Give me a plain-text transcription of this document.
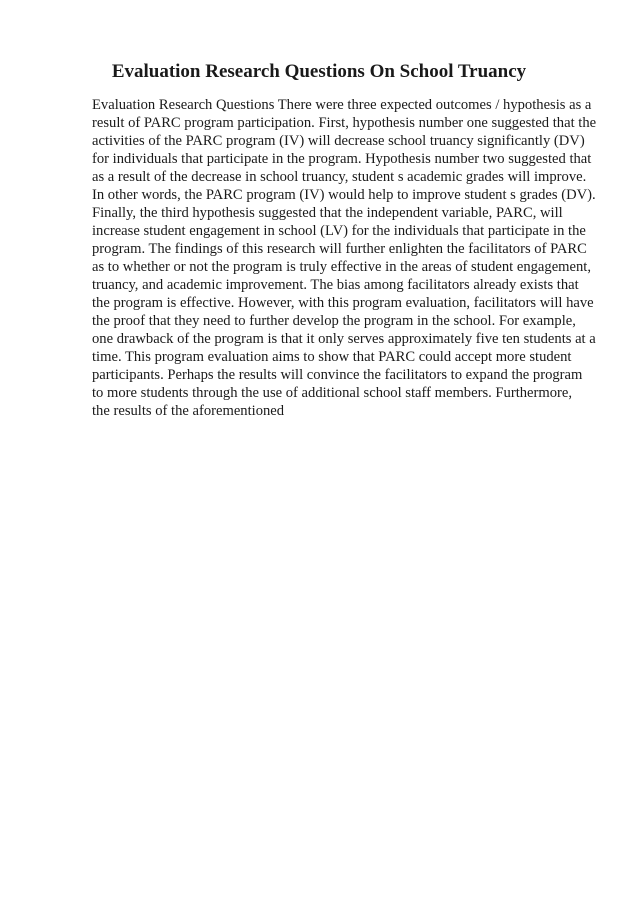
Evaluation Research Questions On School Truancy
Evaluation Research Questions There were three expected outcomes / hypothesis as a
result of PARC program participation. First, hypothesis number one suggested that the
activities of the PARC program (IV) will decrease school truancy significantly (DV)
for individuals that participate in the program. Hypothesis number two suggested that
as a result of the decrease in school truancy, student s academic grades will improve.
In other words, the PARC program (IV) would help to improve student s grades (DV).
Finally, the third hypothesis suggested that the independent variable, PARC, will
increase student engagement in school (LV) for the individuals that participate in the
program. The findings of this research will further enlighten the facilitators of PARC
as to whether or not the program is truly effective in the areas of student engagement,
truancy, and academic improvement. The bias among facilitators already exists that
the program is effective. However, with this program evaluation, facilitators will have
the proof that they need to further develop the program in the school. For example,
one drawback of the program is that it only serves approximately five ten students at a
time. This program evaluation aims to show that PARC could accept more student
participants. Perhaps the results will convince the facilitators to expand the program
to more students through the use of additional school staff members. Furthermore,
the results of the aforementioned
